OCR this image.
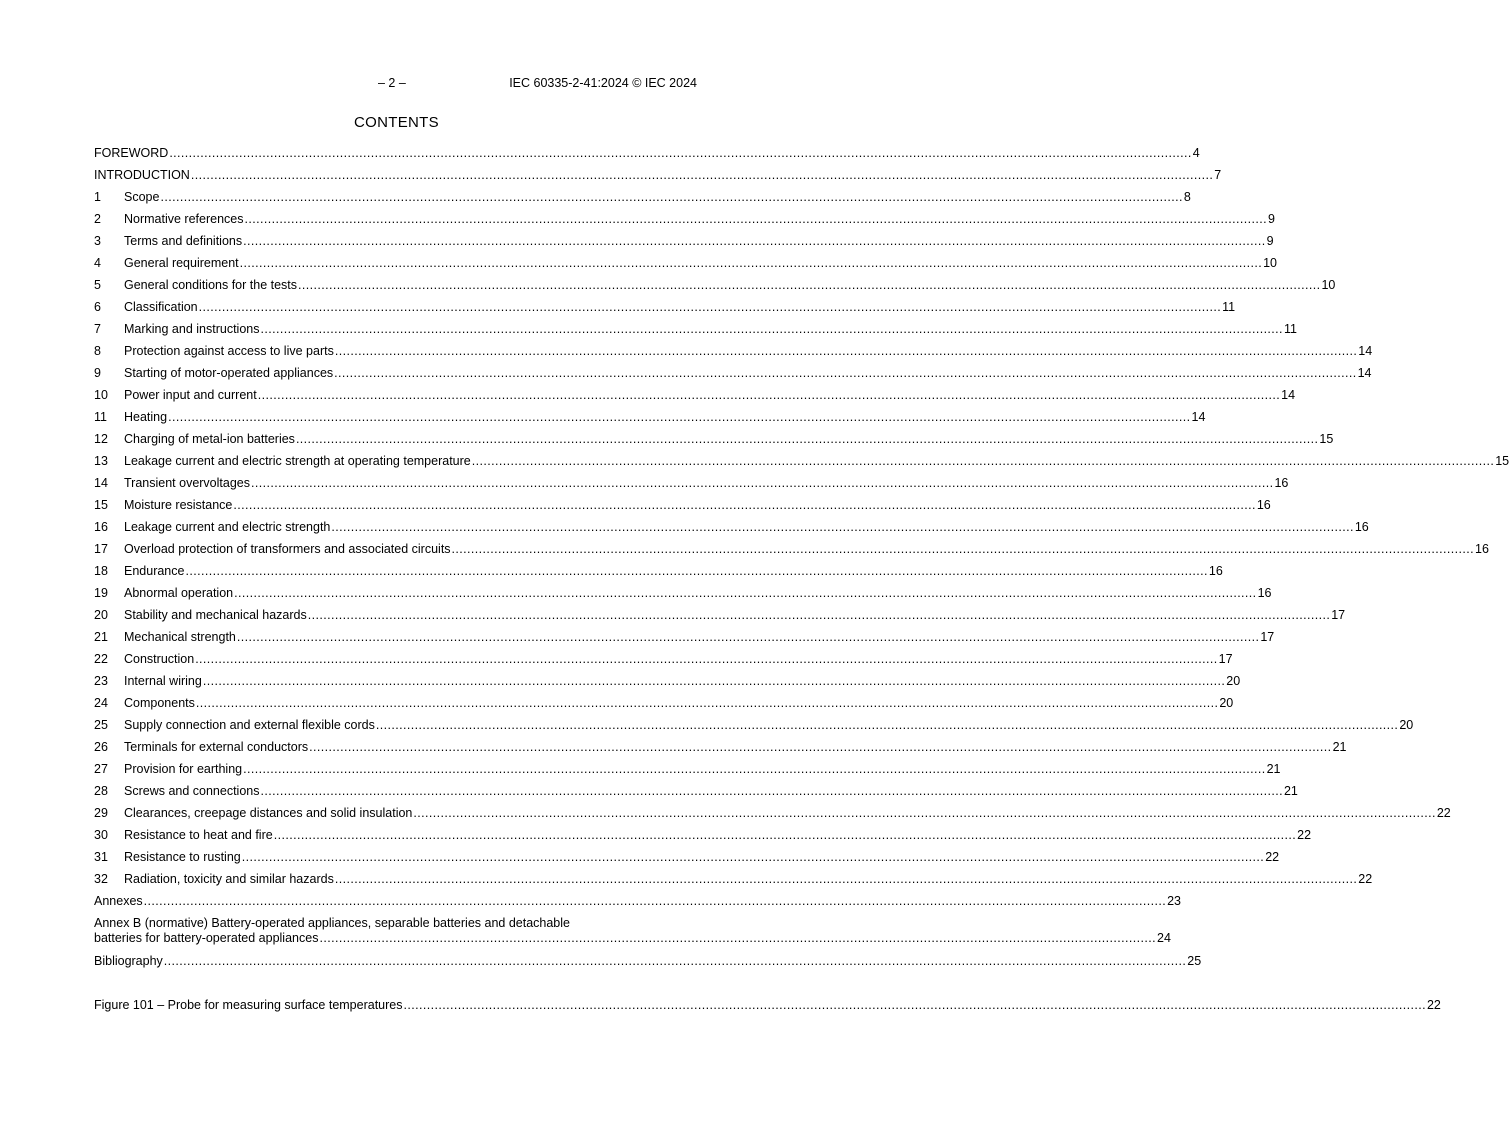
– 2 –	IEC 60335-2-41:2024 © IEC 2024
CONTENTS
FOREWORD .....	4
INTRODUCTION .....	7
1	Scope .....	8
2	Normative references .....	9
3	Terms and definitions .....	9
4	General requirement .....	10
5	General conditions for the tests .....	10
6	Classification .....	11
7	Marking and instructions .....	11
8	Protection against access to live parts .....	14
9	Starting of motor-operated appliances .....	14
10	Power input and current .....	14
11	Heating .....	14
12	Charging of metal-ion batteries .....	15
13	Leakage current and electric strength at operating temperature .....	15
14	Transient overvoltages .....	16
15	Moisture resistance .....	16
16	Leakage current and electric strength .....	16
17	Overload protection of transformers and associated circuits .....	16
18	Endurance .....	16
19	Abnormal operation .....	16
20	Stability and mechanical hazards .....	17
21	Mechanical strength .....	17
22	Construction .....	17
23	Internal wiring .....	20
24	Components .....	20
25	Supply connection and external flexible cords .....	20
26	Terminals for external conductors .....	21
27	Provision for earthing .....	21
28	Screws and connections .....	21
29	Clearances, creepage distances and solid insulation .....	22
30	Resistance to heat and fire .....	22
31	Resistance to rusting .....	22
32	Radiation, toxicity and similar hazards .....	22
Annexes .....	23
Annex B (normative) Battery-operated appliances, separable batteries and detachable
batteries for battery-operated appliances ........................................................................................................................................................................................................................ 24
Bibliography .....	25
Figure 101 – Probe for measuring surface temperatures .....	22
